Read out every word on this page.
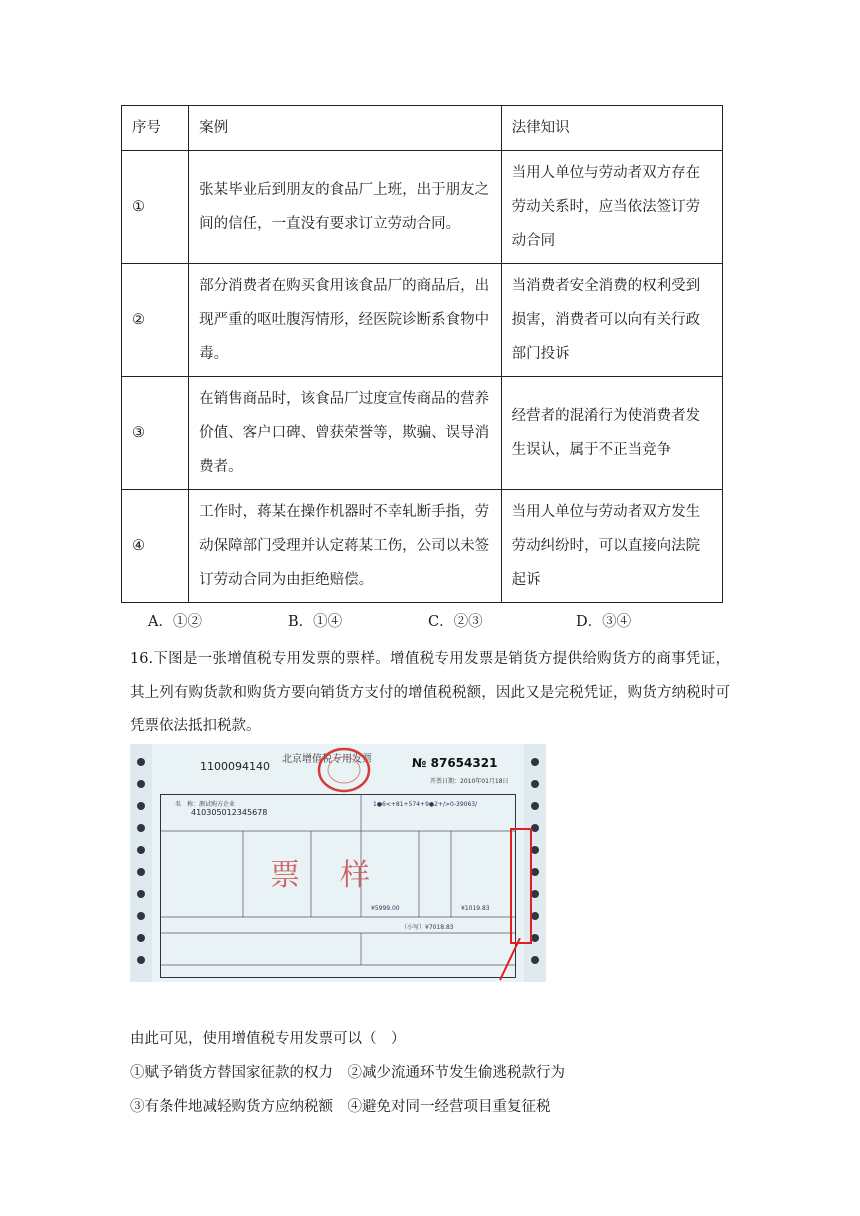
序号	案例	法律知识
①	张某毕业后到朋友的食品厂上班，出于朋友之间的信任，一直没有要求订立劳动合同。	当用人单位与劳动者双方存在劳动关系时，应当依法签订劳动合同
②	部分消费者在购买食用该食品厂的商品后，出现严重的呕吐腹泻情形，经医院诊断系食物中毒。	当消费者安全消费的权利受到损害，消费者可以向有关行政部门投诉
③	在销售商品时，该食品厂过度宣传商品的营养价值、客户口碑、曾获荣誉等，欺骗、误导消费者。	经营者的混淆行为使消费者发生误认，属于不正当竞争
④	工作时，蒋某在操作机器时不幸轧断手指，劳动保障部门受理并认定蒋某工伤，公司以未签订劳动合同为由拒绝赔偿。	当用人单位与劳动者双方发生劳动纠纷时，可以直接向法院起诉
A．①②	B．①④	C．②③	D．③④
16.下图是一张增值税专用发票的票样。增值税专用发票是销货方提供给购货方的商事凭证，其上列有购货款和购货方要向销货方支付的增值税税额，因此又是完税凭证，购货方纳税时可凭票依法抵扣税款。
1100094140
北京增值税专用发票	№ 87654321
开票日期：2010年01月18日
名　称：测试购方企业
410305012345678
1●6<+81+574+9●2+/>0-39063/
¥5999.00	¥1019.83
（小写）¥7018.83
票样
由此可见，使用增值税专用发票可以（　）
①赋予销货方替国家征款的权力　②减少流通环节发生偷逃税款行为
③有条件地减轻购货方应纳税额　④避免对同一经营项目重复征税
